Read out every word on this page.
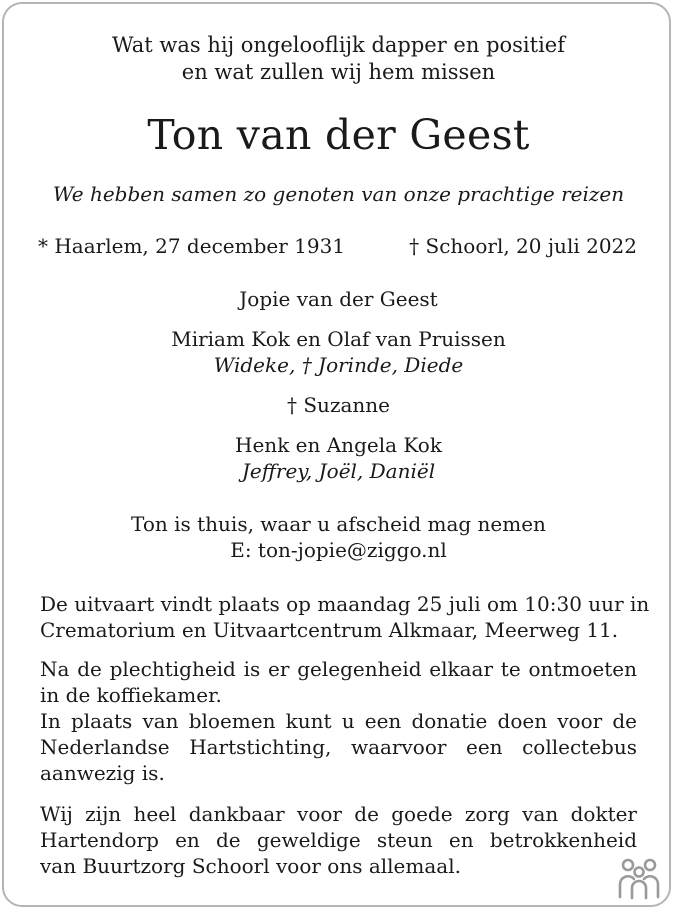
Wat was hij ongelooflijk dapper en positief
en wat zullen wij hem missen
Ton van der Geest
We hebben samen zo genoten van onze prachtige reizen
* Haarlem, 27 december 1931	† Schoorl, 20 juli 2022
Jopie van der Geest
Miriam Kok en Olaf van Pruissen
Wideke, † Jorinde, Diede
† Suzanne
Henk en Angela Kok
Jeffrey, Joël, Daniël
Ton is thuis, waar u afscheid mag nemen
E: ton-jopie@ziggo.nl
De uitvaart vindt plaats op maandag 25 juli om 10:30 uur in
Crematorium en Uitvaartcentrum Alkmaar, Meerweg 11.
Na de plechtigheid is er gelegenheid elkaar te ontmoeten
in de koffiekamer.
In plaats van bloemen kunt u een donatie doen voor de
Nederlandse Hartstichting, waarvoor een collectebus
aanwezig is.
Wij zijn heel dankbaar voor de goede zorg van dokter
Hartendorp en de geweldige steun en betrokkenheid
van Buurtzorg Schoorl voor ons allemaal.
